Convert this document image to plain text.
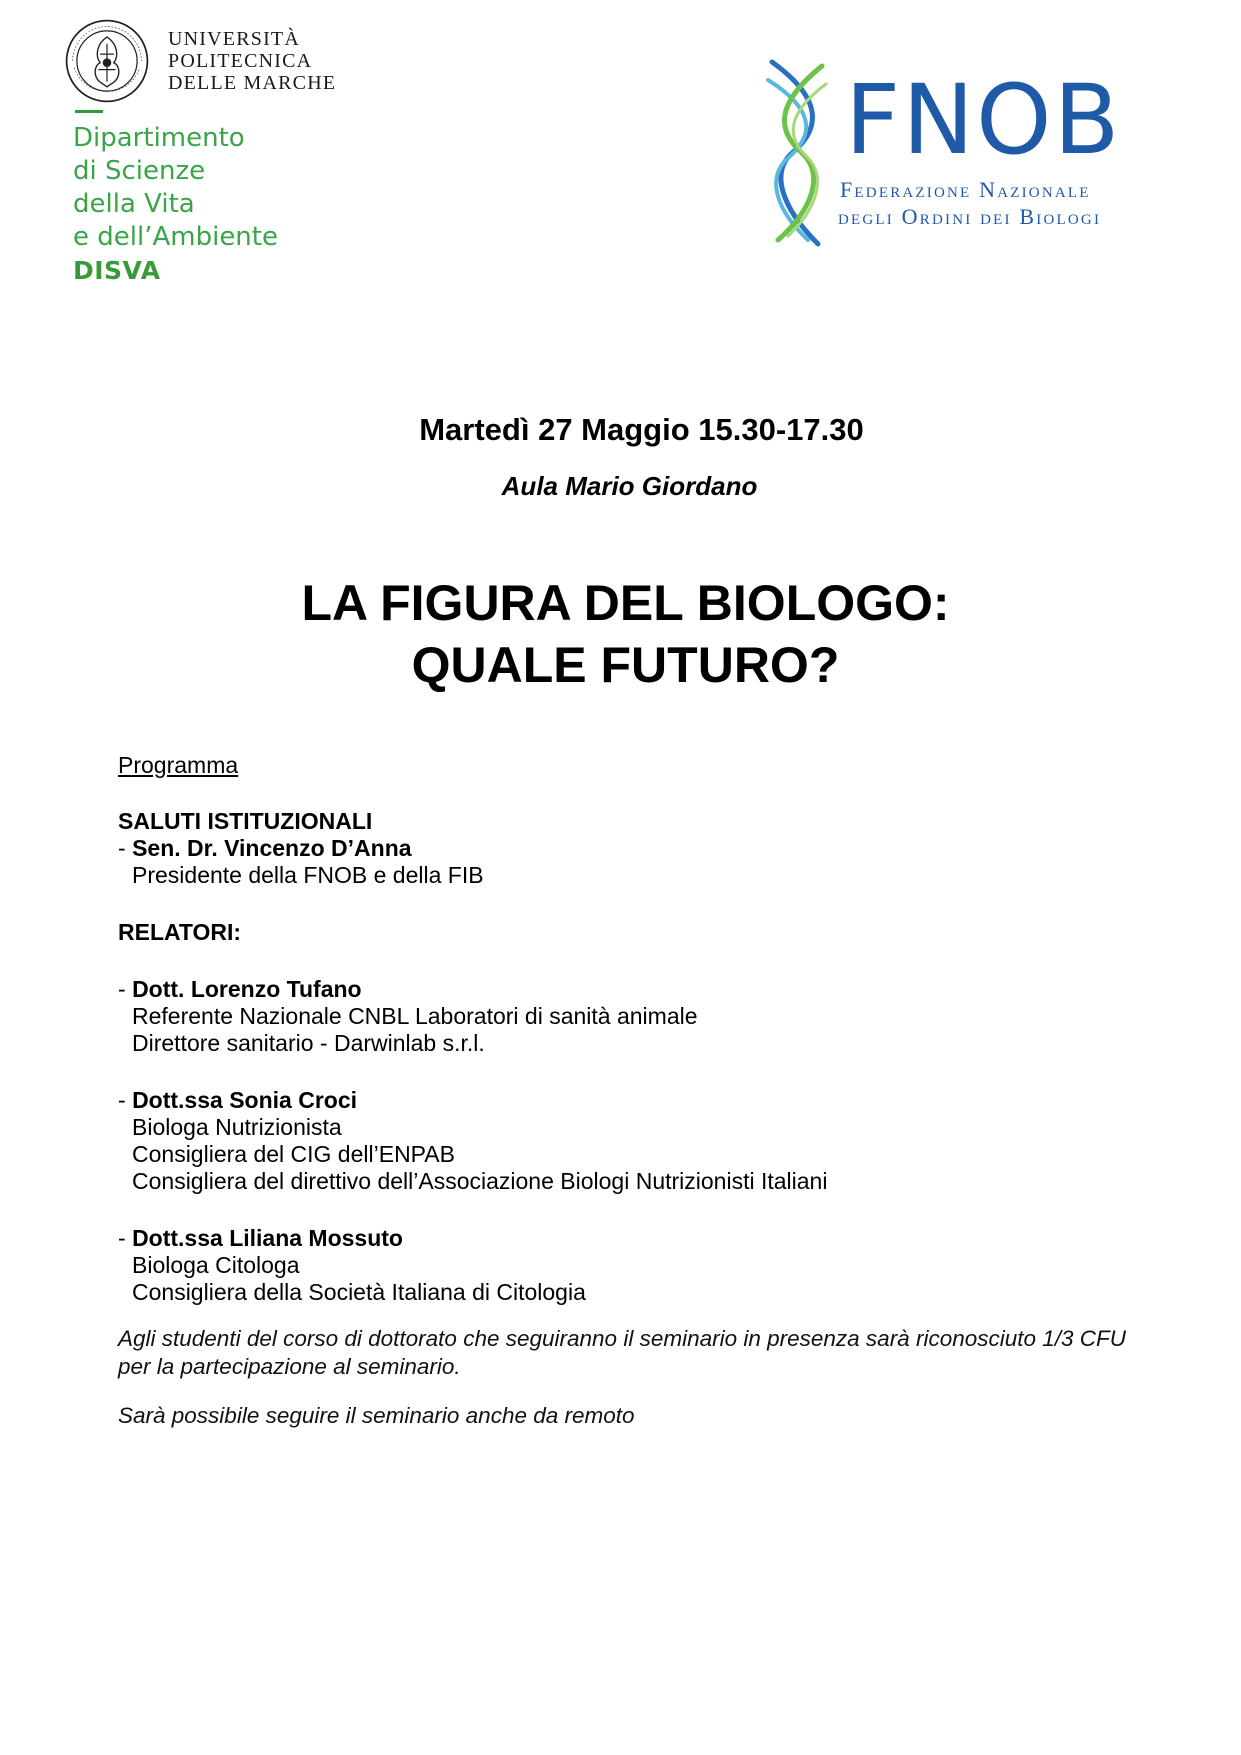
UNIVERSITÀ
POLITECNICA
DELLE MARCHE
Dipartimento
di Scienze
della Vita
e dell’Ambiente
DISVA
FNOB
Federazione Nazionale
degli Ordini dei Biologi
Martedì 27 Maggio 15.30-17.30
Aula Mario Giordano
LA FIGURA DEL BIOLOGO:
QUALE FUTURO?
Programma
SALUTI ISTITUZIONALI
- Sen. Dr. Vincenzo D’Anna
Presidente della FNOB e della FIB
RELATORI:
- Dott. Lorenzo Tufano
Referente Nazionale CNBL Laboratori di sanità animale
Direttore sanitario - Darwinlab s.r.l.
- Dott.ssa Sonia Croci
Biologa Nutrizionista
Consigliera del CIG dell’ENPAB
Consigliera del direttivo dell’Associazione Biologi Nutrizionisti Italiani
- Dott.ssa Liliana Mossuto
Biologa Citologa
Consigliera della Società Italiana di Citologia
Agli studenti del corso di dottorato che seguiranno il seminario in presenza sarà riconosciuto 1/3 CFU per la partecipazione al seminario.
Sarà possibile seguire il seminario anche da remoto
